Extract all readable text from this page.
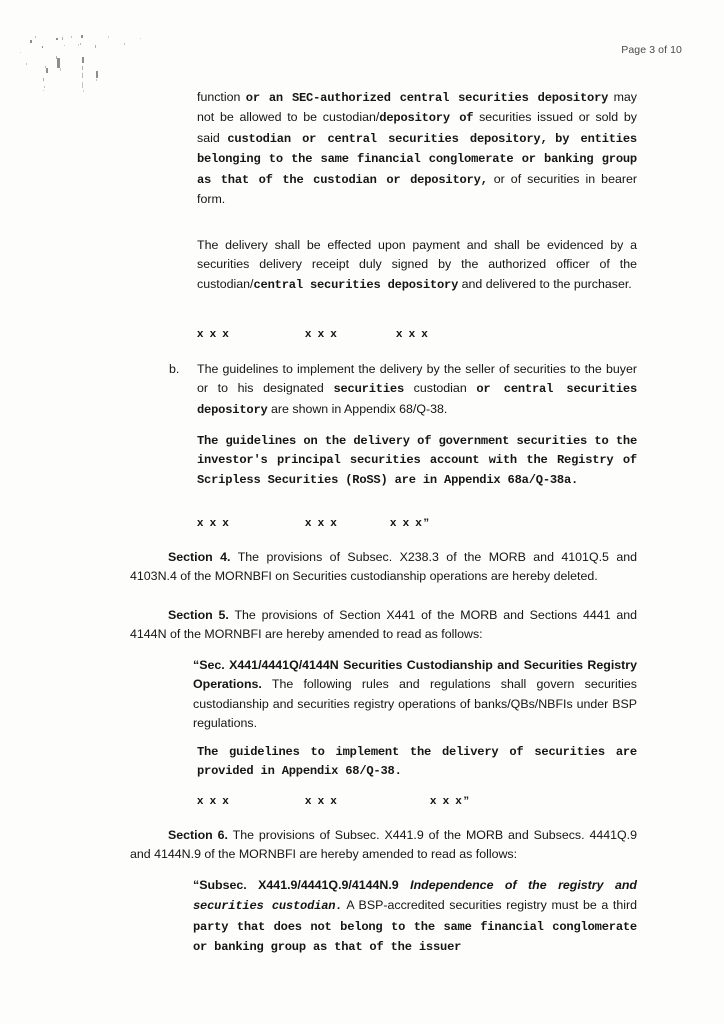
Page 3 of 10

function or an SEC-authorized central securities depository may not be allowed to be custodian/depository of securities issued or sold by said custodian or central securities depository, by entities belonging to the same financial conglomerate or banking group as that of the custodian or depository, or of securities in bearer form.

The delivery shall be effected upon payment and shall be evidenced by a securities delivery receipt duly signed by the authorized officer of the custodian/central securities depository and delivered to the purchaser.

x x x	x x x	x x x
b.	The guidelines to implement the delivery by the seller of securities to the buyer or to his designated securities custodian or central securities depository are shown in Appendix 68/Q-38.

The guidelines on the delivery of government securities to the investor's principal securities account with the Registry of Scripless Securities (RoSS) are in Appendix 68a/Q-38a.

x x x	x x x	x x x”

Section 4. The provisions of Subsec. X238.3 of the MORB and 4101Q.5 and 4103N.4 of the MORNBFI on Securities custodianship operations are hereby deleted.

Section 5. The provisions of Section X441 of the MORB and Sections 4441 and 4144N of the MORNBFI are hereby amended to read as follows:

“Sec. X441/4441Q/4144N Securities Custodianship and Securities Registry Operations. The following rules and regulations shall govern securities custodianship and securities registry operations of banks/QBs/NBFIs under BSP regulations.

The guidelines to implement the delivery of securities are provided in Appendix 68/Q-38.

x x x	x x x	x x x”

Section 6. The provisions of Subsec. X441.9 of the MORB and Subsecs. 4441Q.9 and 4144N.9 of the MORNBFI are hereby amended to read as follows:

“Subsec. X441.9/4441Q.9/4144N.9 Independence of the registry and securities custodian. A BSP-accredited securities registry must be a third party that does not belong to the same financial conglomerate or banking group as that of the issuer
